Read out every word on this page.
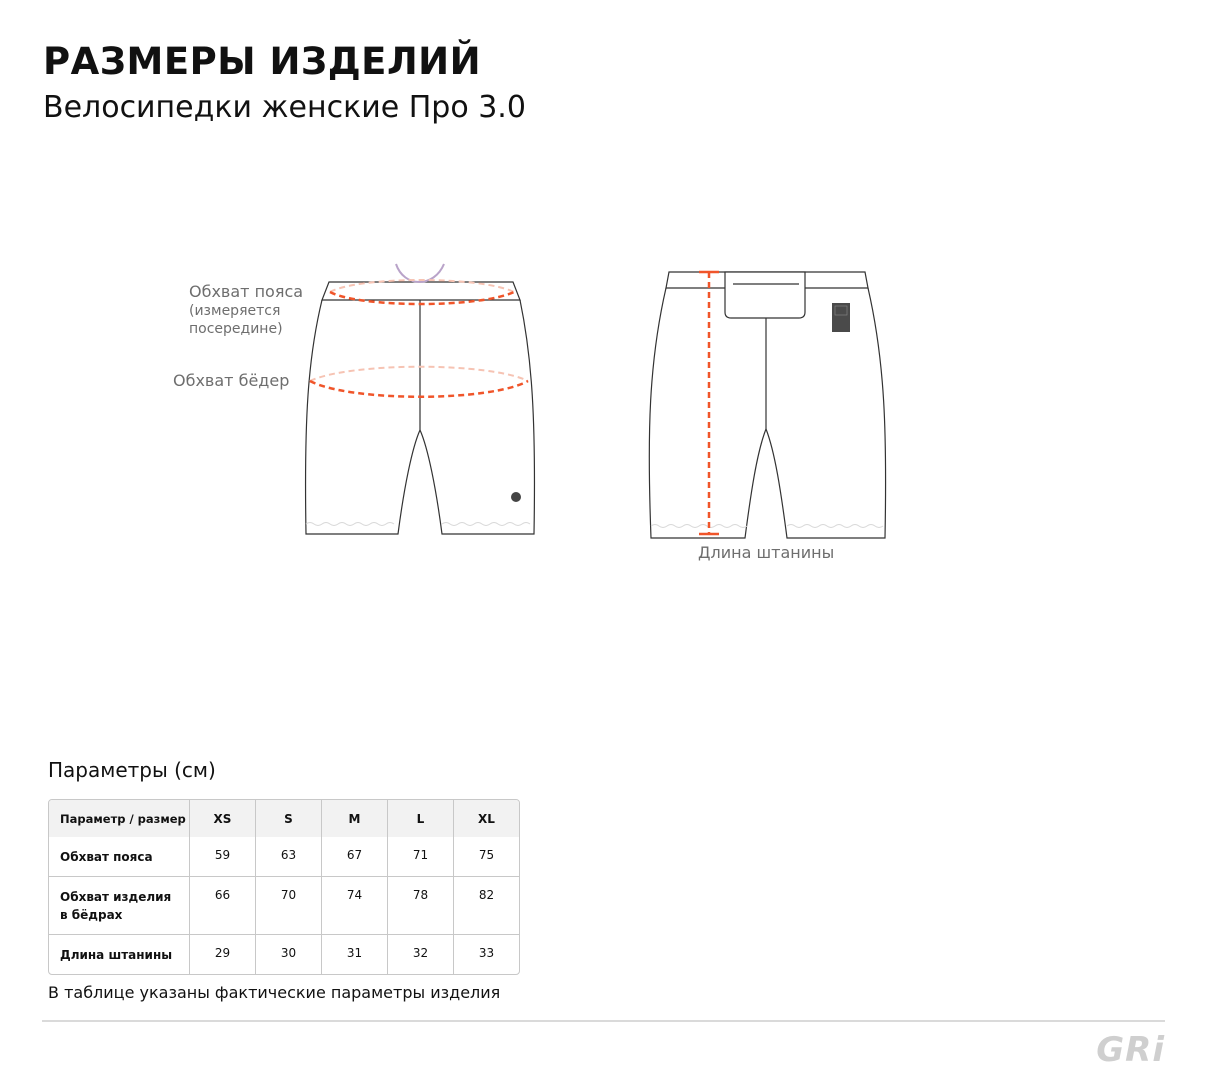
РАЗМЕРЫ ИЗДЕЛИЙ
Велосипедки женские Про 3.0
Обхват пояса
(измеряется
посередине)
Обхват бёдер
Длина штанины
Параметры (см)
Параметр / размер	XS	S	M	L	XL
Обхват пояса	59	63	67	71	75
Обхват изделия
в бёдрах	66	70	74	78	82
Длина штанины	29	30	31	32	33
В таблице указаны фактические параметры изделия
GRi
